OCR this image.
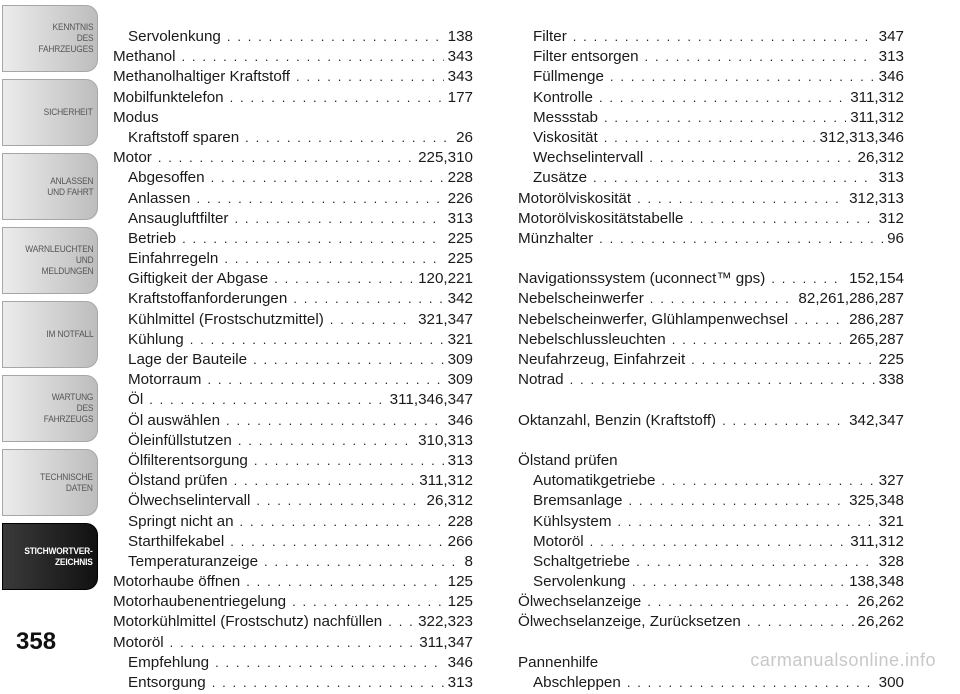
KENNTNIS
DES
FAHRZEUGES
SICHERHEIT
ANLASSEN
UND FAHRT
WARNLEUCHTEN
UND
MELDUNGEN
IM NOTFALL
WARTUNG
DES
FAHRZEUGS
TECHNISCHE
DATEN
STICHWORTVER-
ZEICHNIS
358
Servolenkung . . .	138
Methanol . . .	343
Methanolhaltiger Kraftstoff . . .	343
Mobilfunktelefon . . .	177
Modus
Kraftstoff sparen . . .	26
Motor . . .	225,310
Abgesoffen . . .	228
Anlassen . . .	226
Ansaugluftfilter . . .	313
Betrieb . . .	225
Einfahrregeln . . .	225
Giftigkeit der Abgase . . .	120,221
Kraftstoffanforderungen . . .	342
Kühlmittel (Frostschutzmittel) . . .	321,347
Kühlung . . .	321
Lage der Bauteile . . .	309
Motorraum . . .	309
Öl . . .	311,346,347
Öl auswählen . . .	346
Öleinfüllstutzen . . .	310,313
Ölfilterentsorgung . . .	313
Ölstand prüfen . . .	311,312
Ölwechselintervall . . .	26,312
Springt nicht an . . .	228
Starthilfekabel . . .	266
Temperaturanzeige . . .	8
Motorhaube öffnen . . .	125
Motorhaubenentriegelung . . .	125
Motorkühlmittel (Frostschutz) nachfüllen . . .	322,323
Motoröl . . .	311,347
Empfehlung . . .	346
Entsorgung . . .	313
Filter . . .	347
Filter entsorgen . . .	313
Füllmenge . . .	346
Kontrolle . . .	311,312
Messstab . . .	311,312
Viskosität . . .	312,313,346
Wechselintervall . . .	26,312
Zusätze . . .	313
Motorölviskosität . . .	312,313
Motorölviskositätstabelle . . .	312
Münzhalter . . .	96
Navigationssystem (uconnect™ gps) . . .	152,154
Nebelscheinwerfer . . .	82,261,286,287
Nebelscheinwerfer, Glühlampenwechsel . . .	286,287
Nebelschlussleuchten . . .	265,287
Neufahrzeug, Einfahrzeit . . .	225
Notrad . . .	338
Oktanzahl, Benzin (Kraftstoff) . . .	342,347
Ölstand prüfen
Automatikgetriebe . . .	327
Bremsanlage . . .	325,348
Kühlsystem . . .	321
Motoröl . . .	311,312
Schaltgetriebe . . .	328
Servolenkung . . .	138,348
Ölwechselanzeige . . .	26,262
Ölwechselanzeige, Zurücksetzen . . .	26,262
Pannenhilfe
Abschleppen . . .	300
carmanualsonline.info
